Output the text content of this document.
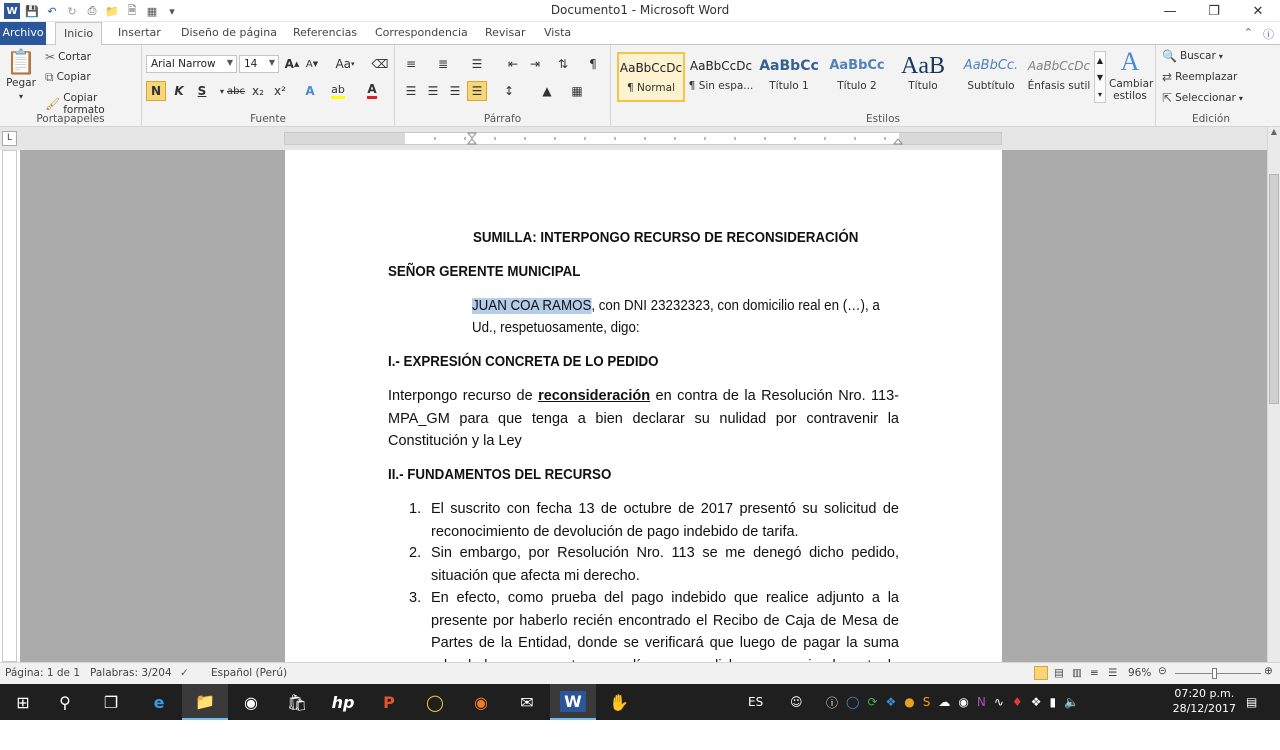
W 💾 ↶ ↻ ⎙ 📁 🗎 ▦	▾	Documento1 - Microsoft Word	—	❐	✕
Archivo	Inicio	Insertar	Diseño de página	Referencias	Correspondencia	Revisar	Vista	⌃ ⓘ
📋
Pegar
▾
✂ Cortar
⧉ Copiar
🖌 Copiar formato
Portapapeles
Arial Narrow ▼	14 ▼ A ▲ A ▼ Aa ▾ ⌫
N	K	S	▾ abc x₂ x²	A	ab A
Fuente
≡	≣	☰	⇤ ⇥	⇅	¶
☰ ☰ ☰ ☰	↕	▲	▦
Párrafo
AaBbCcDc
¶ Normal
AaBbCcDc
¶ Sin espa...
AaBbCc
Título 1
AaBbCc
Título 2
AaB
Título
AaBbCc.
Subtítulo
AaBbCcDc
Énfasis sutil
▲
▼
▾
A
Cambiar estilos
Estilos
🔍 Buscar ▾
⇄ Reemplazar
⇱ Seleccionar ▾
Edición
L
SUMILLA: INTERPONGO RECURSO DE RECONSIDERACIÓN
SEÑOR GERENTE MUNICIPAL
JUAN COA RAMOS, con DNI 23232323, con domicilio real en (…), a
Ud., respetuosamente, digo:
I.- EXPRESIÓN CONCRETA DE LO PEDIDO
Interpongo recurso de reconsideración en contra de la Resolución Nro. 113-MPA_GM para que tenga a bien declarar su nulidad por contravenir la Constitución y la Ley
II.- FUNDAMENTOS DEL RECURSO
1. El suscrito con fecha 13 de octubre de 2017 presentó su solicitud de reconocimiento de devolución de pago indebido de tarifa.
2. Sin embargo, por Resolución Nro. 113 se me denegó dicho pedido, situación que afecta mi derecho.
3. En efecto, como prueba del pago indebido que realice adjunto a la presente por haberlo recién encontrado el Recibo de Caja de Mesa de Partes de la Entidad, donde se verificará que luego de pagar la suma
▲
Página: 1 de 1 Palabras: 3/204 ✓ Español (Perú)	▤ ▥ ≡ ☰ 96% ⊝	⊕
⊞	⚲	❐	e	📁	◉	🛍	hp	P	◯	◉	✉	W	✋	ES ☺ ⓘ ◯ ⟳ ❖ ● S ☁ ◉ N ∿ ♦ ❖ ▮ 🔈
07:20 p.m.
28/12/2017 ▤
